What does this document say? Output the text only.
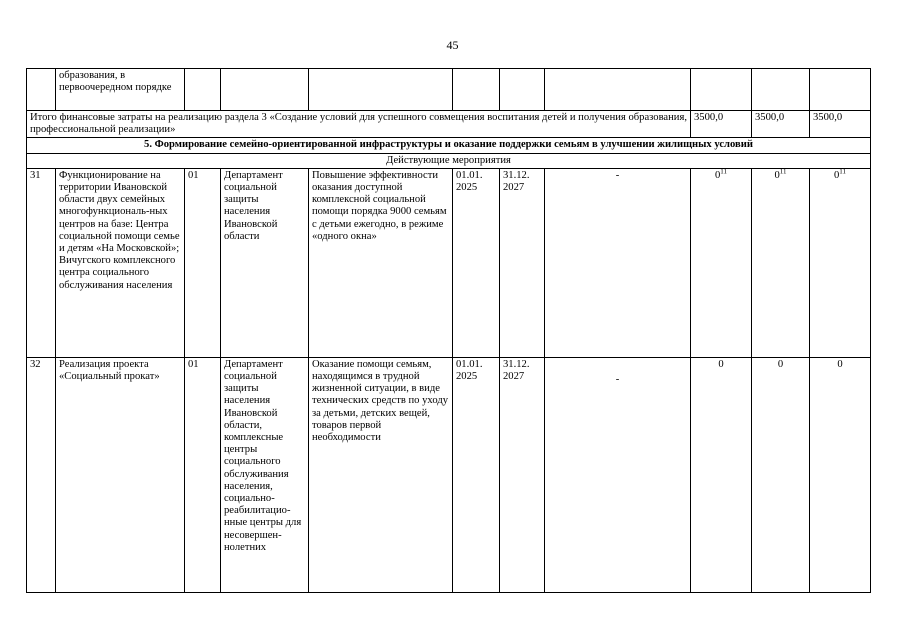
45
	образования, в первоочередном порядке									
Итого финансовые затраты на реализацию раздела 3 «Создание условий для успешного совмещения воспитания детей и получения образования, профессиональной реализации»								3500,0	3500,0	3500,0
5. Формирование семейно-ориентированной инфраструктуры и оказание поддержки семьям в улучшении жилищных условий										
Действующие мероприятия										
31	Функционирование на территории Ивановской области двух семейных многофункциональ-ных центров на базе: Центра социальной помощи семье и детям «На Московской»; Вичугского комплексного центра социального обслуживания населения	01	Департамент социальной защиты населения Ивановской области	Повышение эффективности оказания доступной комплексной социальной помощи порядка 9000 семьям с детьми ежегодно, в режиме «одного окна»	01.01. 2025	31.12. 2027	-	$0^{11}$	$0^{11}$	$0^{11}$
32	Реализация проекта «Социальный прокат»	01	Департамент социальной защиты населения Ивановской области, комплексные центры социального обслуживания населения, социально-реабилитацио-нные центры для несовершен-нолетних	Оказание помощи семьям, находящимся в трудной жизненной ситуации, в виде технических средств по уходу за детьми, детских вещей, товаров первой необходимости	01.01. 2025	31.12. 2027	-	0	0	0
